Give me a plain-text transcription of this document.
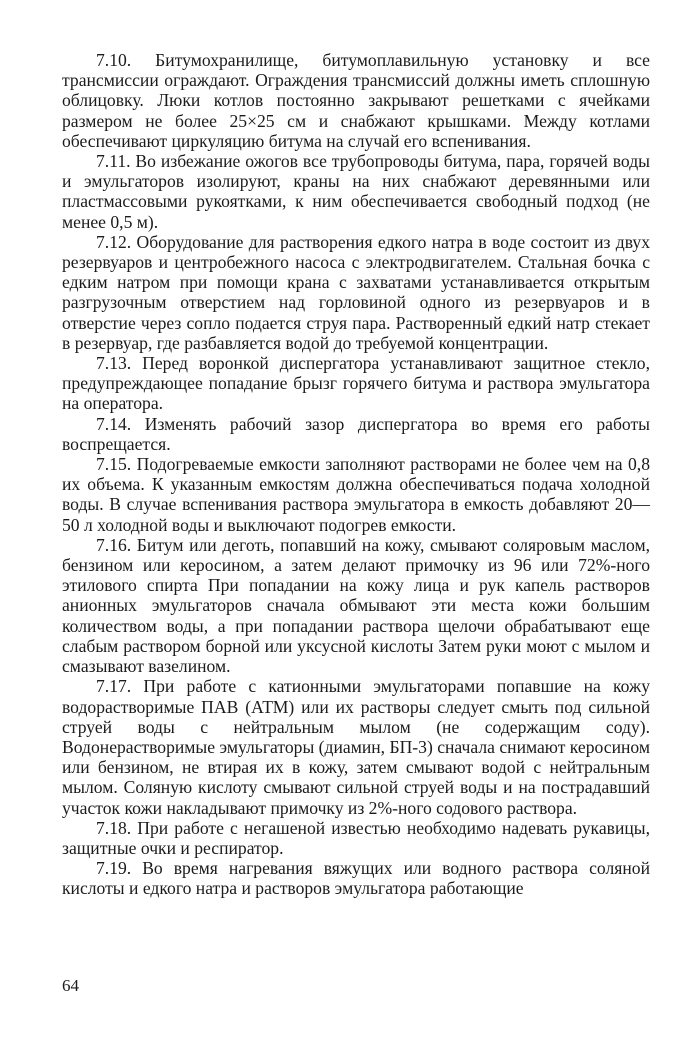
7.10. Битумохранилище, битумоплавильную установку и все трансмиссии ограждают. Ограждения трансмиссий должны иметь сплошную облицовку. Люки котлов постоянно закрывают решетками с ячейками размером не более 25×25 см и снабжают крышками. Между котлами обеспечивают циркуляцию битума на случай его вспенивания.

7.11. Во избежание ожогов все трубопроводы битума, пара, горячей воды и эмульгаторов изолируют, краны на них снабжают деревянными или пластмассовыми рукоятками, к ним обеспечивается свободный подход (не менее 0,5 м).

7.12. Оборудование для растворения едкого натра в воде состоит из двух резервуаров и центробежного насоса с электродвигателем. Стальная бочка с едким натром при помощи крана с захватами устанавливается открытым разгрузочным отверстием над горловиной одного из резервуаров и в отверстие через сопло подается струя пара. Растворенный едкий натр стекает в резервуар, где разбавляется водой до требуемой концентрации.

7.13. Перед воронкой диспергатора устанавливают защитное стекло, предупреждающее попадание брызг горячего битума и раствора эмульгатора на оператора.

7.14. Изменять рабочий зазор диспергатора во время его работы воспрещается.

7.15. Подогреваемые емкости заполняют растворами не более чем на 0,8 их объема. К указанным емкостям должна обеспечиваться подача холодной воды. В случае вспенивания раствора эмульгатора в емкость добавляют 20—50 л холодной воды и выключают подогрев емкости.

7.16. Битум или деготь, попавший на кожу, смывают соляровым маслом, бензином или керосином, а затем делают примочку из 96 или 72%-ного этилового спирта При попадании на кожу лица и рук капель растворов анионных эмульгаторов сначала обмывают эти места кожи большим количеством воды, а при попадании раствора щелочи обрабатывают еще слабым раствором борной или уксусной кислоты Затем руки моют с мылом и смазывают вазелином.

7.17. При работе с катионными эмульгаторами попавшие на кожу водорастворимые ПАВ (АТМ) или их растворы следует смыть под сильной струей воды с нейтральным мылом (не содержащим соду). Водонерастворимые эмульгаторы (диамин, БП-3) сначала снимают керосином или бензином, не втирая их в кожу, затем смывают водой с нейтральным мылом. Соляную кислоту смывают сильной струей воды и на пострадавший участок кожи накладывают примочку из 2%-ного содового раствора.

7.18. При работе с негашеной известью необходимо надевать рукавицы, защитные очки и респиратор.

7.19. Во время нагревания вяжущих или водного раствора соляной кислоты и едкого натра и растворов эмульгатора работающие

64
